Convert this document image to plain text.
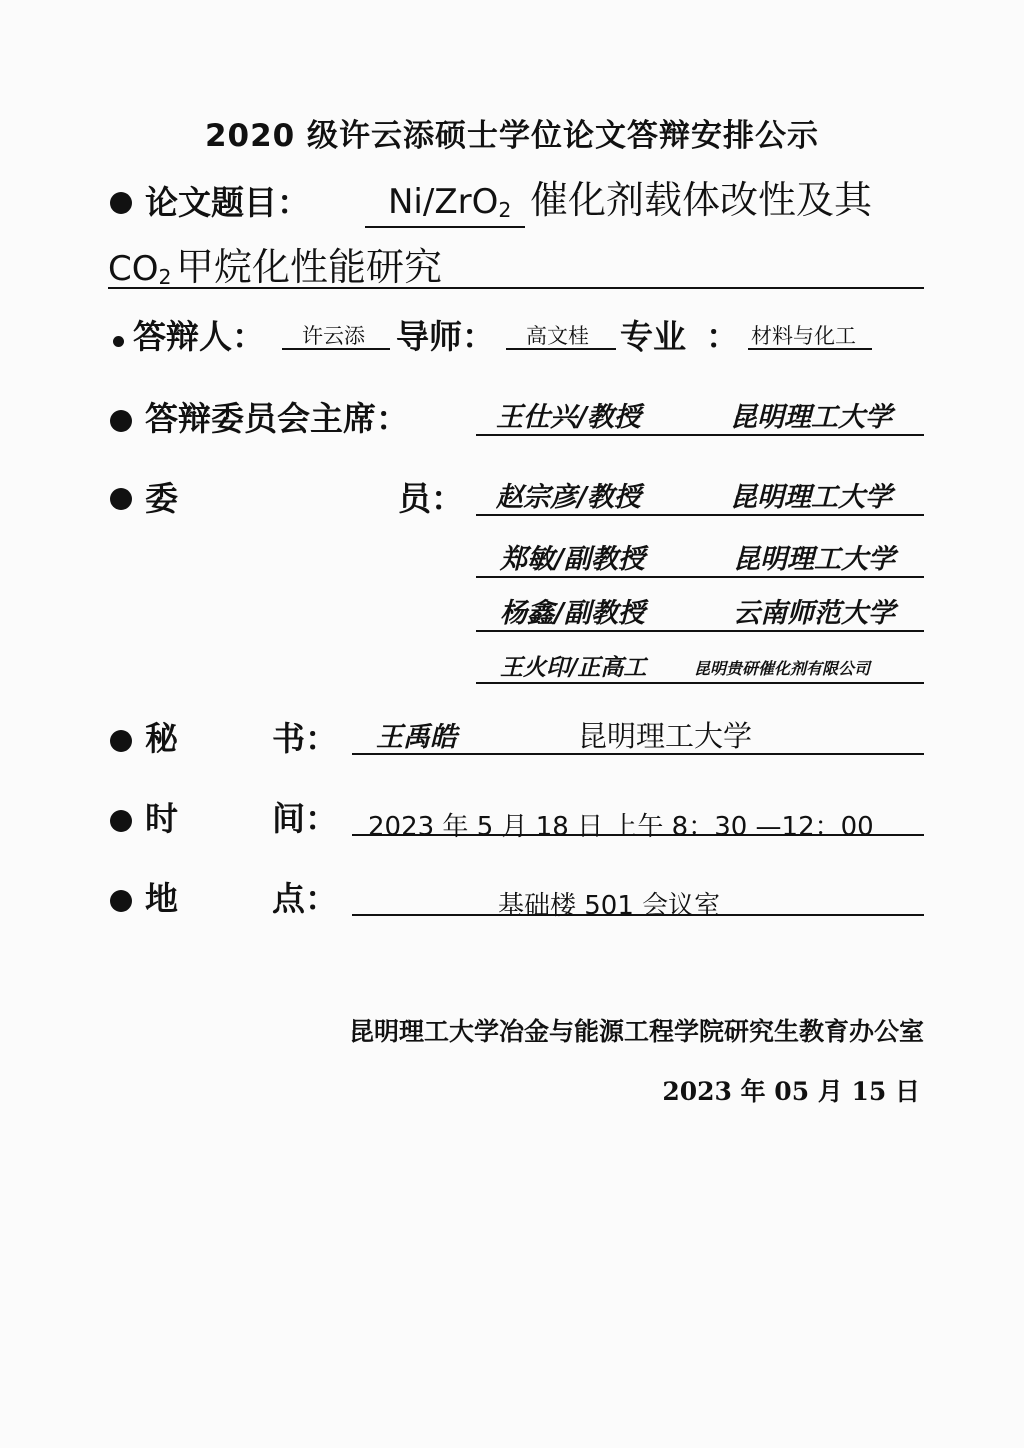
2020 级许云添硕士学位论文答辩安排公示
论文题目： Ni/ZrO$_2$ 催化剂载体改性及其
$CO_2$ 甲烷化性能研究
答辩人： 许云添 导师： 高文桂 专业 ： 材料与化工
答辩委员会主席：	王仕兴/教授	昆明理工大学
委	员： 赵宗彦/教授	昆明理工大学
郑敏/副教授	昆明理工大学
杨鑫/副教授	云南师范大学
王火印/正高工	昆明贵研催化剂有限公司
秘	书： 王禹皓	昆明理工大学
时	间： 2023 年 5 月 18 日 上午 8：30 —12：00
地	点：	基础楼 501 会议室
昆明理工大学冶金与能源工程学院研究生教育办公室
2023 年 05 月 15 日
